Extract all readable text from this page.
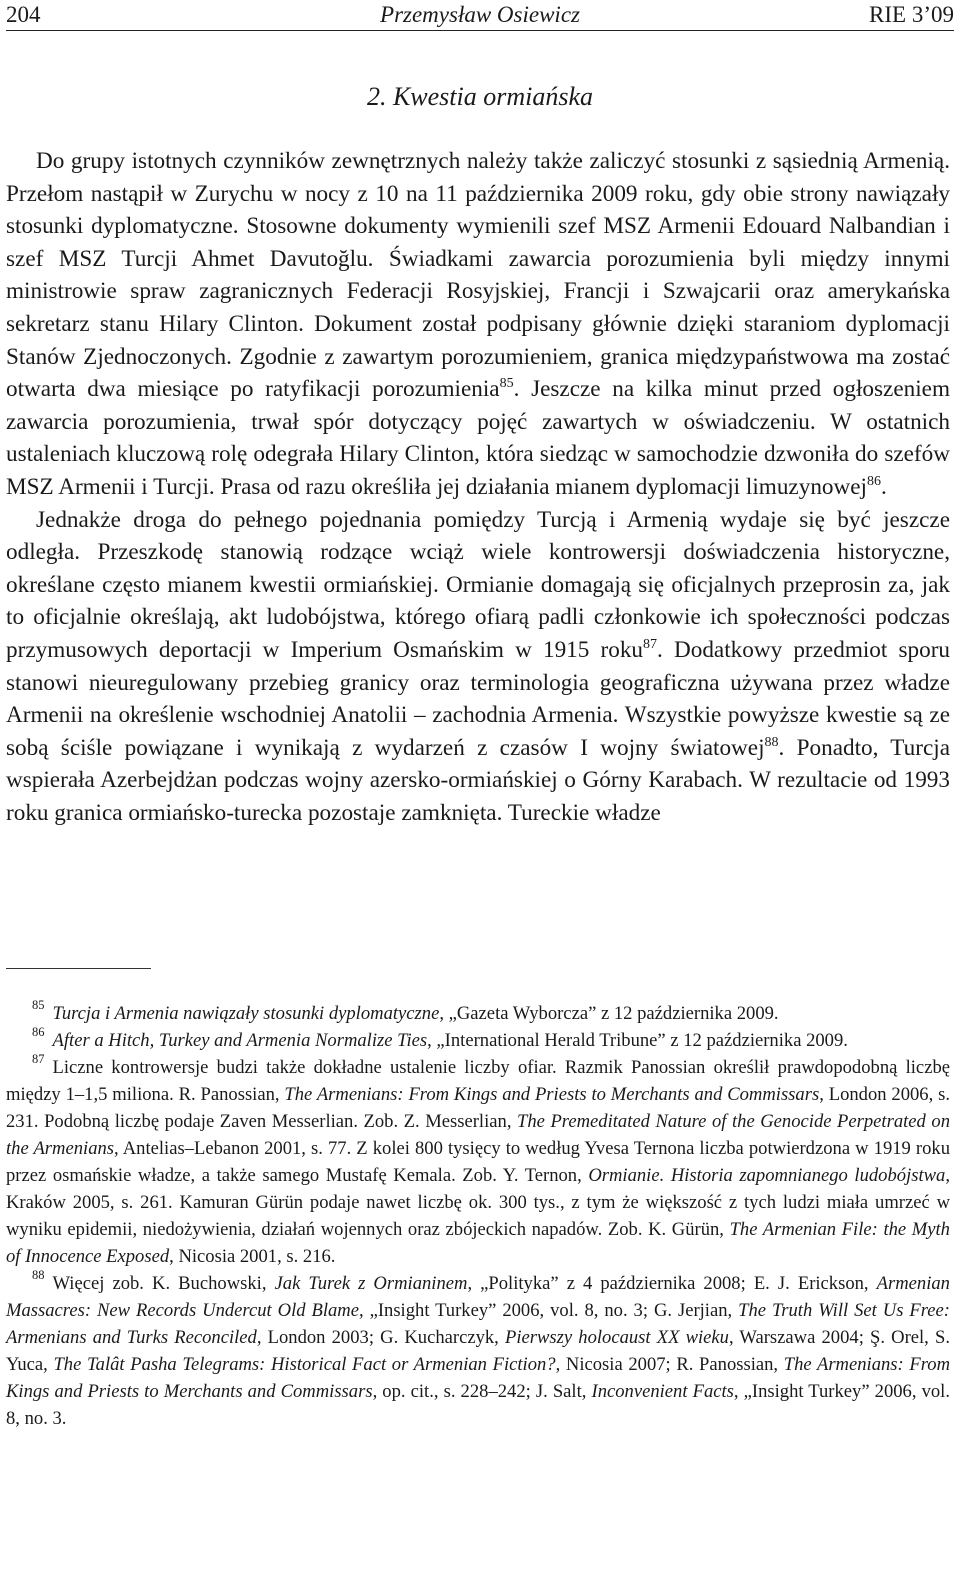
204	Przemysław Osiewicz	RIE 3’09
2. Kwestia ormiańska

Do grupy istotnych czynników zewnętrznych należy także zaliczyć stosunki z sąsiednią Armenią. Przełom nastąpił w Zurychu w nocy z 10 na 11 października 2009 roku, gdy obie strony nawiązały stosunki dyplomatyczne. Stosowne dokumenty wymienili szef MSZ Armenii Edouard Nalbandian i szef MSZ Turcji Ahmet Davutoğlu. Świadkami zawarcia porozumienia byli między innymi ministrowie spraw zagranicznych Federacji Rosyjskiej, Francji i Szwajcarii oraz amerykańska sekretarz stanu Hilary Clinton. Dokument został podpisany głównie dzięki staraniom dyplomacji Stanów Zjednoczonych. Zgodnie z zawartym porozumieniem, granica międzypaństwowa ma zostać otwarta dwa miesiące po ratyfikacji porozumienia$^{85}$. Jeszcze na kilka minut przed ogłoszeniem zawarcia porozumienia, trwał spór dotyczący pojęć zawartych w oświadczeniu. W ostatnich ustaleniach kluczową rolę odegrała Hilary Clinton, która siedząc w samochodzie dzwoniła do szefów MSZ Armenii i Turcji. Prasa od razu określiła jej działania mianem dyplomacji limuzynowej$^{86}$.

Jednakże droga do pełnego pojednania pomiędzy Turcją i Armenią wydaje się być jeszcze odległa. Przeszkodę stanowią rodzące wciąż wiele kontrowersji doświadczenia historyczne, określane często mianem kwestii ormiańskiej. Ormianie domagają się oficjalnych przeprosin za, jak to oficjalnie określają, akt ludobójstwa, którego ofiarą padli członkowie ich społeczności podczas przymusowych deportacji w Imperium Osmańskim w 1915 roku$^{87}$. Dodatkowy przedmiot sporu stanowi nieuregulowany przebieg granicy oraz terminologia geograficzna używana przez władze Armenii na określenie wschodniej Anatolii – zachodnia Armenia. Wszystkie powyższe kwestie są ze sobą ściśle powiązane i wynikają z wydarzeń z czasów I wojny światowej$^{88}$. Ponadto, Turcja wspierała Azerbejdżan podczas wojny azersko-ormiańskiej o Górny Karabach. W rezultacie od 1993 roku granica ormiańsko-turecka pozostaje zamknięta. Tureckie władze

$^{85}$ Turcja i Armenia nawiązały stosunki dyplomatyczne, „Gazeta Wyborcza” z 12 października 2009.

$^{86}$ After a Hitch, Turkey and Armenia Normalize Ties, „International Herald Tribune” z 12 października 2009.

$^{87}$ Liczne kontrowersje budzi także dokładne ustalenie liczby ofiar. Razmik Panossian określił prawdopodobną liczbę między 1–1,5 miliona. R. Panossian, The Armenians: From Kings and Priests to Merchants and Commissars, London 2006, s. 231. Podobną liczbę podaje Zaven Messerlian. Zob. Z. Messerlian, The Premeditated Nature of the Genocide Perpetrated on the Armenians, Antelias–Lebanon 2001, s. 77. Z kolei 800 tysięcy to według Yvesa Ternona liczba potwierdzona w 1919 roku przez osmańskie władze, a także samego Mustafę Kemala. Zob. Y. Ternon, Ormianie. Historia zapomnianego ludobójstwa, Kraków 2005, s. 261. Kamuran Gürün podaje nawet liczbę ok. 300 tys., z tym że większość z tych ludzi miała umrzeć w wyniku epidemii, niedożywienia, działań wojennych oraz zbójeckich napadów. Zob. K. Gürün, The Armenian File: the Myth of Innocence Exposed, Nicosia 2001, s. 216.

$^{88}$ Więcej zob. K. Buchowski, Jak Turek z Ormianinem, „Polityka” z 4 października 2008; E. J. Erickson, Armenian Massacres: New Records Undercut Old Blame, „Insight Turkey” 2006, vol. 8, no. 3; G. Jerjian, The Truth Will Set Us Free: Armenians and Turks Reconciled, London 2003; G. Kucharczyk, Pierwszy holocaust XX wieku, Warszawa 2004; Ş. Orel, S. Yuca, The Talât Pasha Telegrams: Historical Fact or Armenian Fiction?, Nicosia 2007; R. Panossian, The Armenians: From Kings and Priests to Merchants and Commissars, op. cit., s. 228–242; J. Salt, Inconvenient Facts, „Insight Turkey” 2006, vol. 8, no. 3.
